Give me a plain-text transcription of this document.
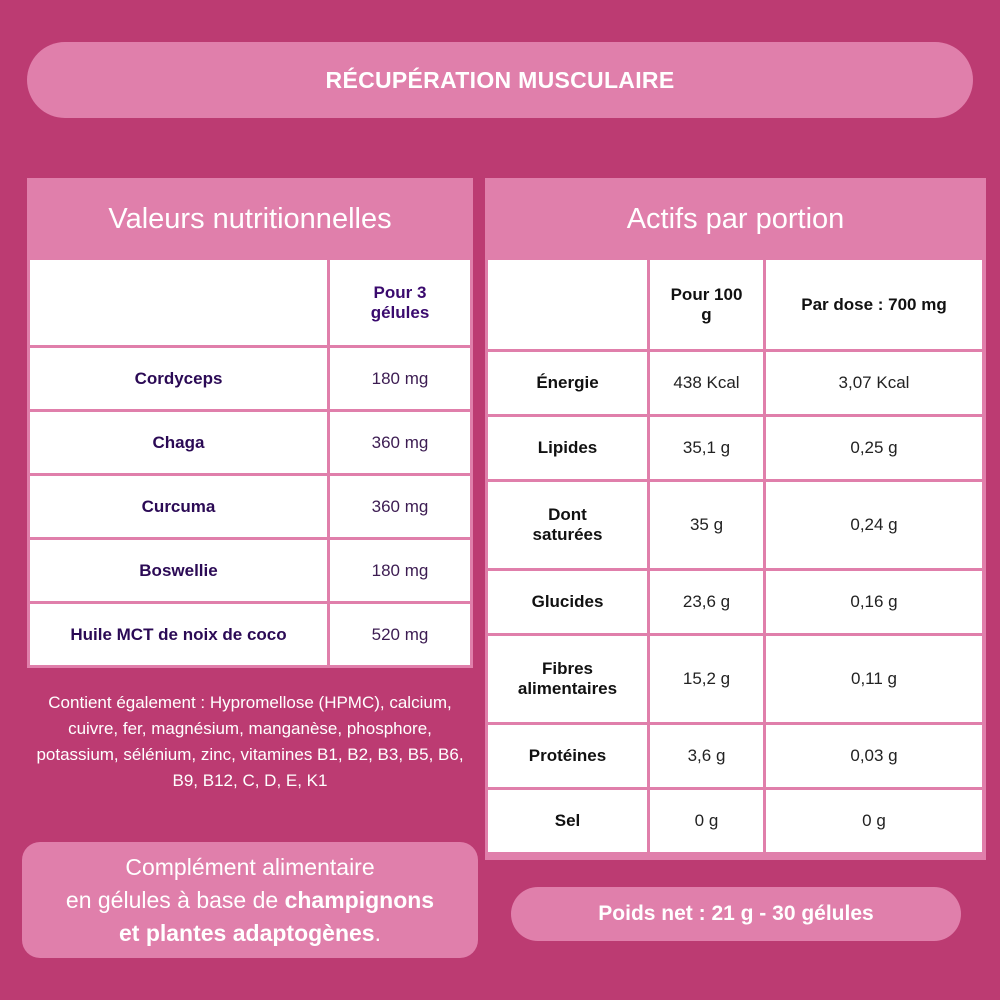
RÉCUPÉRATION MUSCULAIRE
Valeurs nutritionnelles
	Pour 3 gélules
Cordyceps	180 mg
Chaga	360 mg
Curcuma	360 mg
Boswellie	180 mg
Huile MCT de noix de coco	520 mg
Actifs par portion
	Pour 100 g	Par dose : 700 mg
Énergie	438 Kcal	3,07 Kcal
Lipides	35,1 g	0,25 g
Dont saturées	35 g	0,24 g
Glucides	23,6 g	0,16 g
Fibres alimentaires	15,2 g	0,11 g
Protéines	3,6 g	0,03 g
Sel	0 g	0 g
Contient également : Hypromellose (HPMC), calcium, cuivre, fer, magnésium, manganèse, phosphore, potassium, sélénium, zinc, vitamines B1, B2, B3, B5, B6, B9, B12, C, D, E, K1
Complément alimentaire
en gélules à base de champignons
et plantes adaptogènes.
Poids net : 21 g - 30 gélules
